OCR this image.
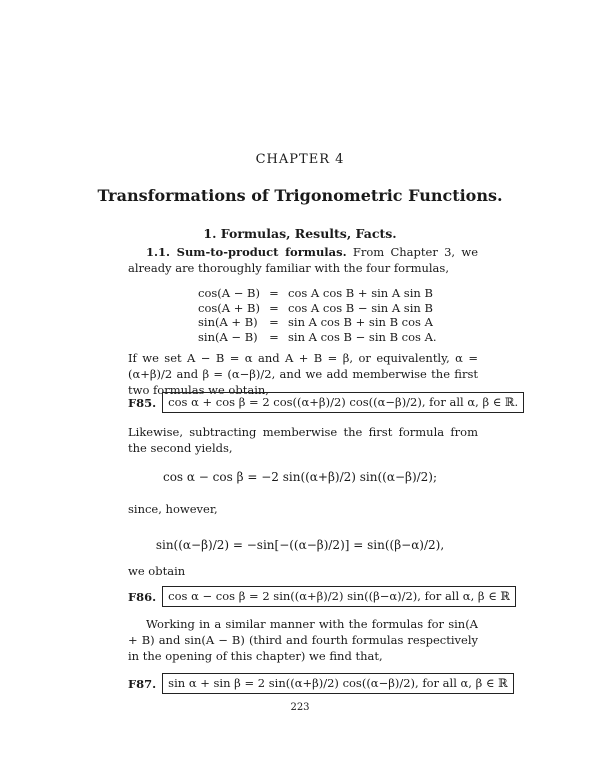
CHAPTER 4
Transformations of Trigonometric Functions.
1. Formulas, Results, Facts.
1.1. Sum-to-product formulas. From Chapter 3, we already are thoroughly familiar with the four formulas,
cos(A − B) = cos A cos B + sin A sin B
cos(A + B) = cos A cos B − sin A sin B
sin(A + B)	= sin A cos B + sin B cos A
sin(A − B)	= sin A cos B − sin B cos A.
If we set A − B = α and A + B = β, or equivalently, α = (α+β)/2 and β = (α−β)/2, and we add memberwise the first two formulas we obtain,
F85.	cos α + cos β = 2 cos((α+β)/2) cos((α−β)/2), for all α, β ∈ ℝ.
Likewise, subtracting memberwise the first formula from the second yields,
cos α − cos β = −2 sin((α+β)/2) sin((α−β)/2);
since, however,
sin((α−β)/2) = −sin[−((α−β)/2)] = sin((β−α)/2),
we obtain
F86.	cos α − cos β = 2 sin((α+β)/2) sin((β−α)/2), for all α, β ∈ ℝ
Working in a similar manner with the formulas for sin(A + B) and sin(A − B) (third and fourth formulas respectively in the opening of this chapter) we find that,
F87.	sin α + sin β = 2 sin((α+β)/2) cos((α−β)/2), for all α, β ∈ ℝ
223
